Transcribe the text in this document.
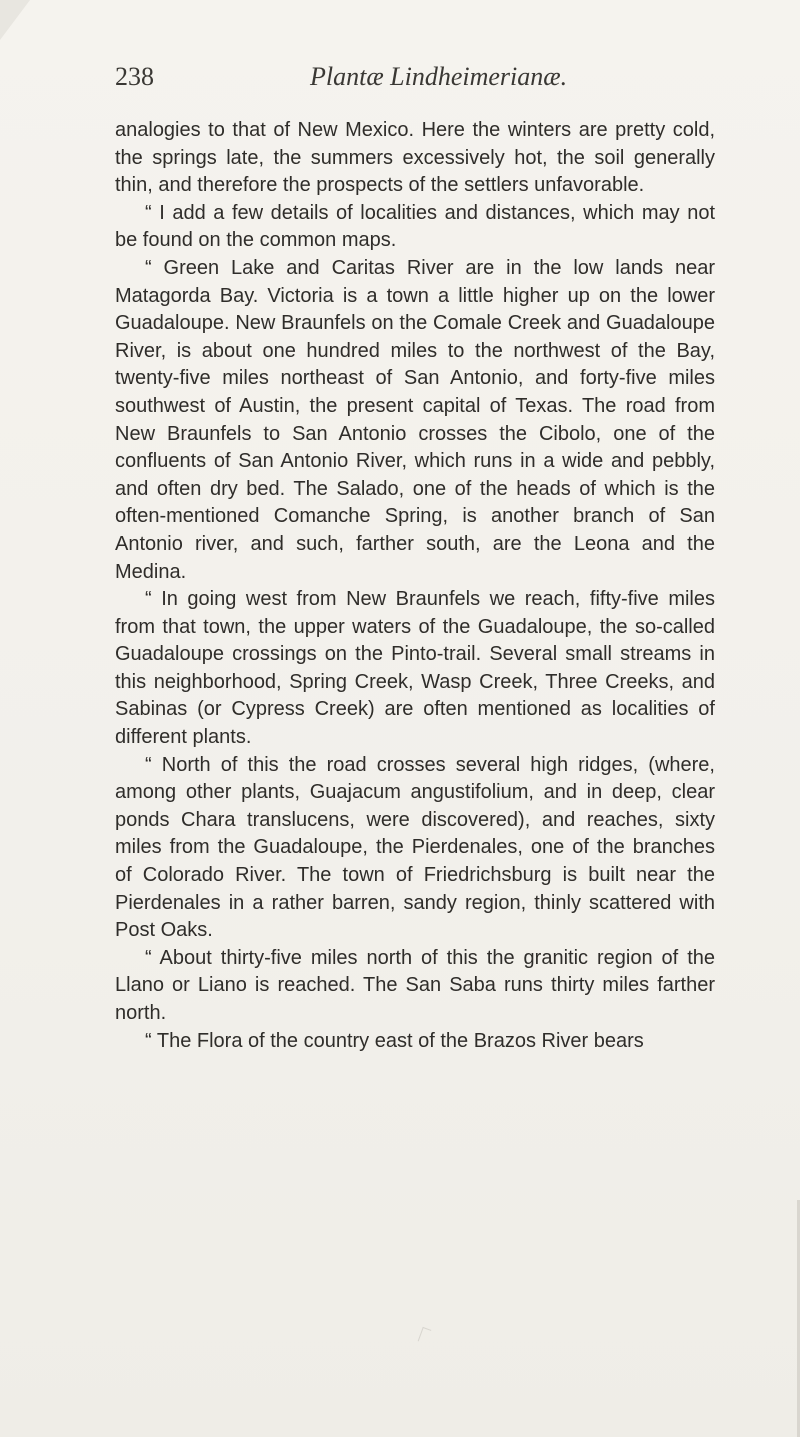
238	Plantæ Lindheimerianæ.

analogies to that of New Mexico. Here the winters are pretty cold, the springs late, the summers excessively hot, the soil generally thin, and therefore the prospects of the settlers unfavorable.

“ I add a few details of localities and distances, which may not be found on the common maps.

“ Green Lake and Caritas River are in the low lands near Matagorda Bay. Victoria is a town a little higher up on the lower Guadaloupe. New Braunfels on the Comale Creek and Guadaloupe River, is about one hundred miles to the northwest of the Bay, twenty-five miles northeast of San Antonio, and forty-five miles southwest of Austin, the present capital of Texas. The road from New Braunfels to San Antonio crosses the Cibolo, one of the confluents of San Antonio River, which runs in a wide and pebbly, and often dry bed. The Salado, one of the heads of which is the often-mentioned Comanche Spring, is another branch of San Antonio river, and such, farther south, are the Leona and the Medina.

“ In going west from New Braunfels we reach, fifty-five miles from that town, the upper waters of the Guadaloupe, the so-called Guadaloupe crossings on the Pinto-trail. Several small streams in this neighborhood, Spring Creek, Wasp Creek, Three Creeks, and Sabinas (or Cypress Creek) are often mentioned as localities of different plants.

“ North of this the road crosses several high ridges, (where, among other plants, Guajacum angustifolium, and in deep, clear ponds Chara translucens, were discovered), and reaches, sixty miles from the Guadaloupe, the Pierdenales, one of the branches of Colorado River. The town of Friedrichsburg is built near the Pierdenales in a rather barren, sandy region, thinly scattered with Post Oaks.

“ About thirty-five miles north of this the granitic region of the Llano or Liano is reached. The San Saba runs thirty miles farther north.

“ The Flora of the country east of the Brazos River bears
